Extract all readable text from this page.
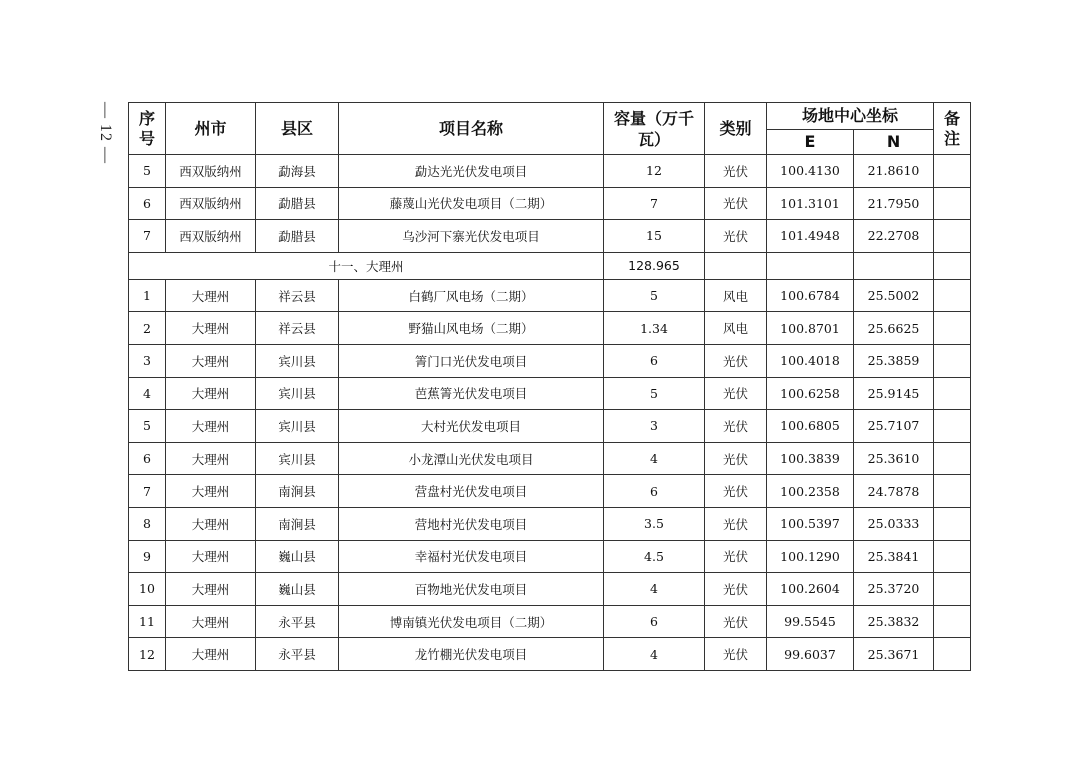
— 12 — 序号	州市	县区	项目名称	容量（万千瓦）	类别	场地中心坐标		备注
						E	N	
5	西双版纳州	勐海县	勐达光光伏发电项目	12	光伏	100.4130	21.8610	
6	西双版纳州	勐腊县	藤蔑山光伏发电项目（二期）	7	光伏	101.3101	21.7950	
7	西双版纳州	勐腊县	乌沙河下寨光伏发电项目	15	光伏	101.4948	22.2708	
十一、大理州				128.965				
1	大理州	祥云县	白鹤厂风电场（二期）	5	风电	100.6784	25.5002	
2	大理州	祥云县	野猫山风电场（二期）	1.34	风电	100.8701	25.6625	
3	大理州	宾川县	箐门口光伏发电项目	6	光伏	100.4018	25.3859	
4	大理州	宾川县	芭蕉箐光伏发电项目	5	光伏	100.6258	25.9145	
5	大理州	宾川县	大村光伏发电项目	3	光伏	100.6805	25.7107	
6	大理州	宾川县	小龙潭山光伏发电项目	4	光伏	100.3839	25.3610	
7	大理州	南涧县	营盘村光伏发电项目	6	光伏	100.2358	24.7878	
8	大理州	南涧县	营地村光伏发电项目	3.5	光伏	100.5397	25.0333	
9	大理州	巍山县	幸福村光伏发电项目	4.5	光伏	100.1290	25.3841	
10	大理州	巍山县	百物地光伏发电项目	4	光伏	100.2604	25.3720	
11	大理州	永平县	博南镇光伏发电项目（二期）	6	光伏	99.5545	25.3832	
12	大理州	永平县	龙竹棚光伏发电项目	4	光伏	99.6037	25.3671	
